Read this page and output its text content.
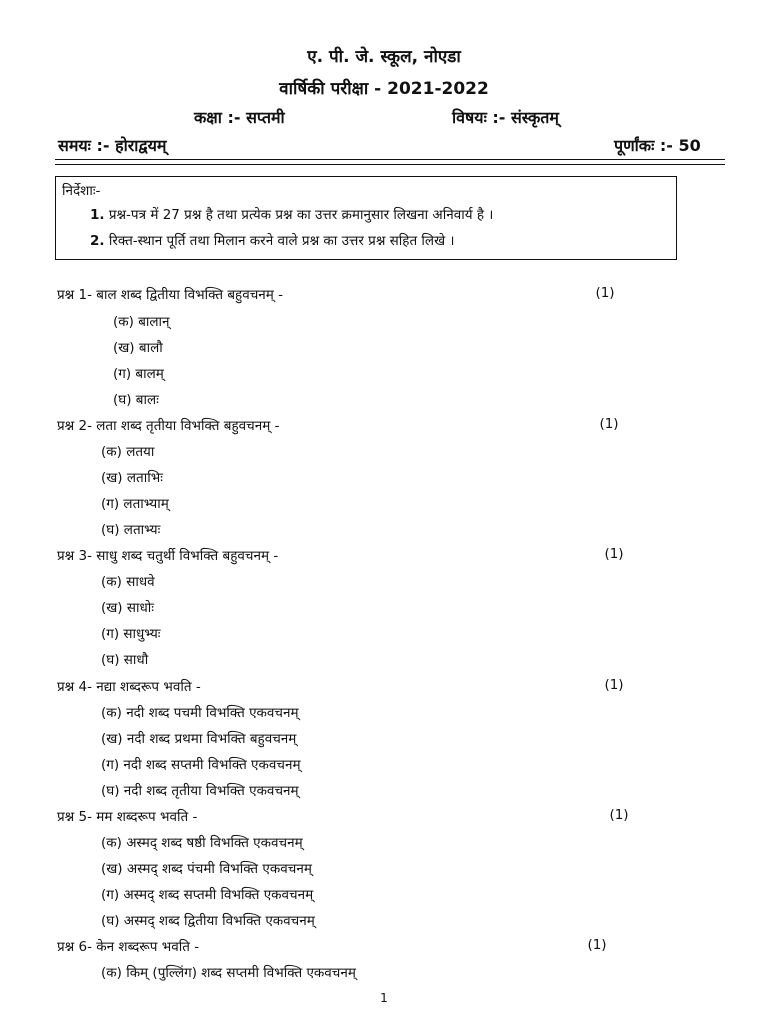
ए. पी. जे. स्कूल, नोएडा
वार्षिकी परीक्षा - 2021-2022
कक्षा :- सप्तमी	विषयः :- संस्कृतम्
समयः :- होराद्वयम्	पूर्णांकः :- 50
निर्देशाः-
1. प्रश्न-पत्र में 27 प्रश्न है तथा प्रत्येक प्रश्न का उत्तर क्रमानुसार लिखना अनिवार्य है ।
2. रिक्त-स्थान पूर्ति तथा मिलान करने वाले प्रश्न का उत्तर प्रश्न सहित लिखे ।
प्रश्न 1- बाल शब्द द्वितीया विभक्ति बहुवचनम् -	(1)
(क) बालान्
(ख) बालौ
(ग) बालम्
(घ) बालः
प्रश्न 2- लता शब्द तृतीया विभक्ति बहुवचनम् -	(1)
(क) लतया
(ख) लताभिः
(ग) लताभ्याम्
(घ) लताभ्यः
प्रश्न 3- साधु शब्द चतुर्थी विभक्ति बहुवचनम् -	(1)
(क) साधवे
(ख) साधोः
(ग) साधुभ्यः
(घ) साधौ
प्रश्न 4- नद्या शब्दरूप भवति -	(1)
(क) नदी शब्द पचमी विभक्ति एकवचनम्
(ख) नदी शब्द प्रथमा विभक्ति बहुवचनम्
(ग) नदी शब्द सप्तमी विभक्ति एकवचनम्
(घ) नदी शब्द तृतीया विभक्ति एकवचनम्
प्रश्न 5- मम शब्दरूप भवति -	(1)
(क) अस्मद् शब्द षष्ठी विभक्ति एकवचनम्
(ख) अस्मद् शब्द पंचमी विभक्ति एकवचनम्
(ग) अस्मद् शब्द सप्तमी विभक्ति एकवचनम्
(घ) अस्मद् शब्द द्वितीया विभक्ति एकवचनम्
प्रश्न 6- केन शब्दरूप भवति -	(1)
(क) किम् (पुल्लिंग) शब्द सप्तमी विभक्ति एकवचनम्
1
